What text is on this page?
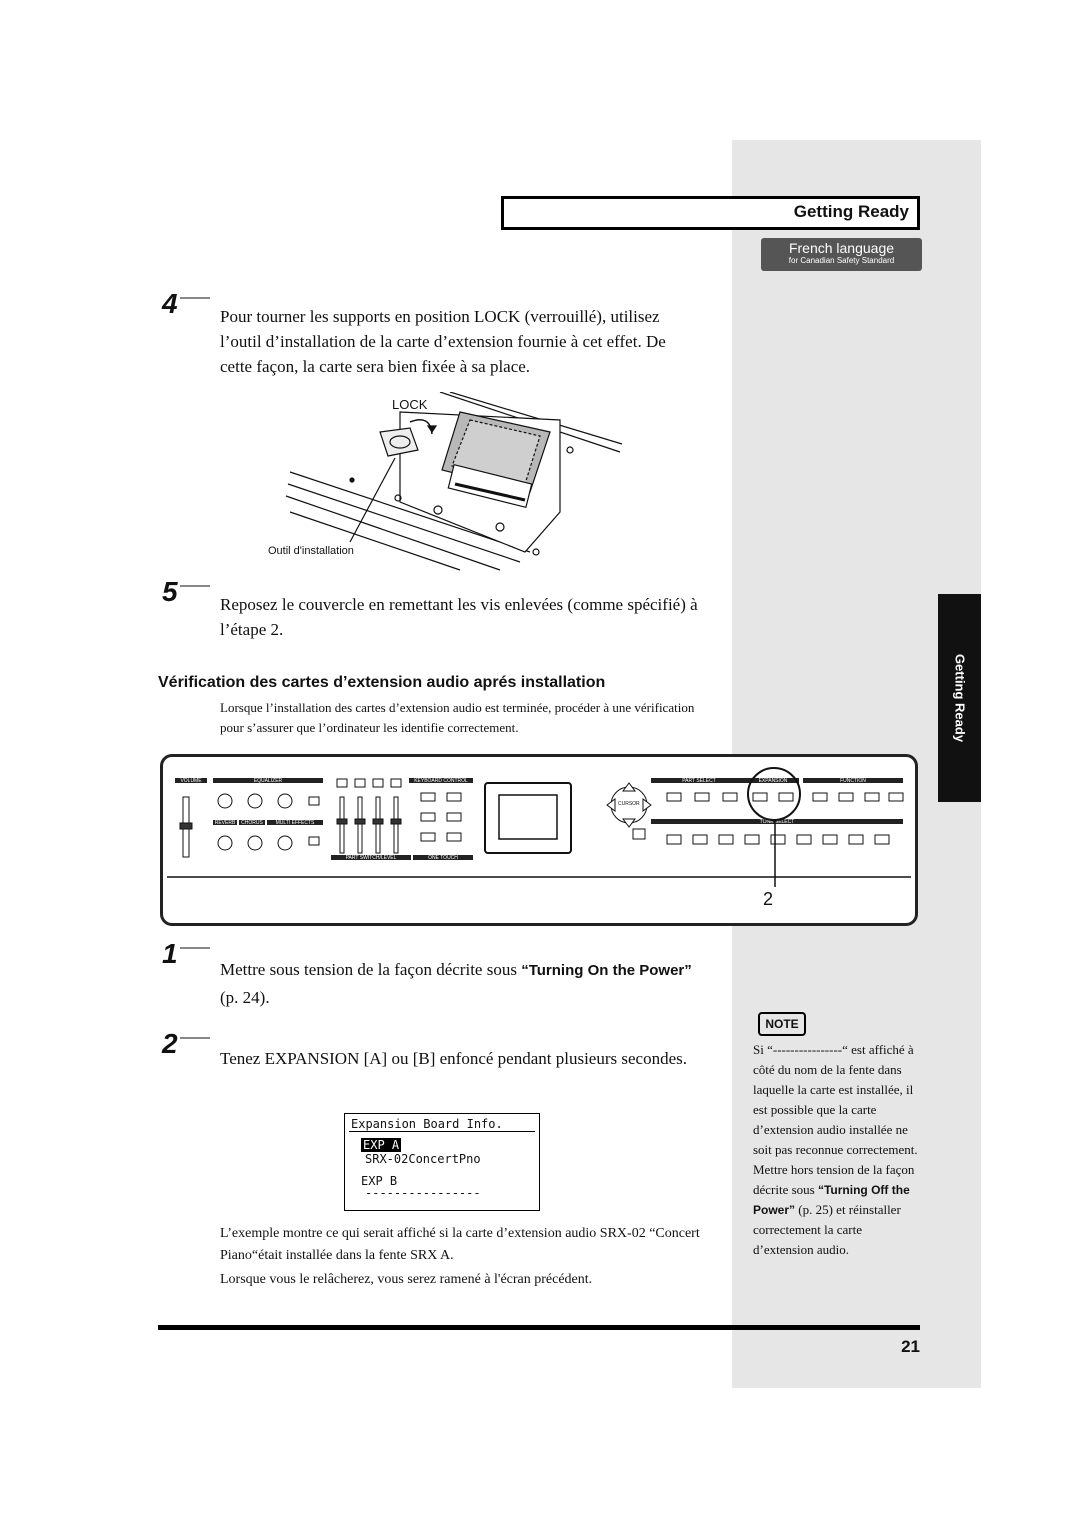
Getting Ready
French language
for Canadian Safety Standard
Getting Ready
4 Pour tourner les supports en position LOCK (verrouillé), utilisez l’outil d’installation de la carte d’extension fournie à cet effet. De cette façon, la carte sera bien fixée à sa place.
LOCK
Outil d'installation
5 Reposez le couvercle en remettant les vis enlevées (comme spécifié) à l’étape 2.
Vérification des cartes d’extension audio aprés installation
Lorsque l’installation des cartes d’extension audio est terminée, procéder à une vérification pour s’assurer que l’ordinateur les identifie correctement.
VOLUME	EQUALIZER	KEYBOARD CONTROL	PART SELECT	EXPANSION	FUNCTION
TONE SELECT
REVERB	CHORUS	MULTI EFFECTS
PART SWITCH/LEVEL	ONE TOUCH
CURSOR
2
1
Mettre sous tension de la façon décrite sous “Turning On the Power” (p. 24).
2 Tenez EXPANSION [A] ou [B] enfoncé pendant plusieurs secondes.
Expansion Board Info.
EXP A
SRX-02ConcertPno
EXP B
----------------
L’exemple montre ce qui serait affiché si la carte d’extension audio SRX-02 “Concert Piano“était installée dans la fente SRX A.
Lorsque vous le relâcherez, vous serez ramené à l'écran précédent.
NOTE
Si “----------------“ est affiché à côté du nom de la fente dans laquelle la carte est installée, il est possible que la carte d’extension audio installée ne soit pas reconnue correctement. Mettre hors tension de la façon décrite sous “Turning Off the Power” (p. 25) et réinstaller correctement la carte d’extension audio.
21
